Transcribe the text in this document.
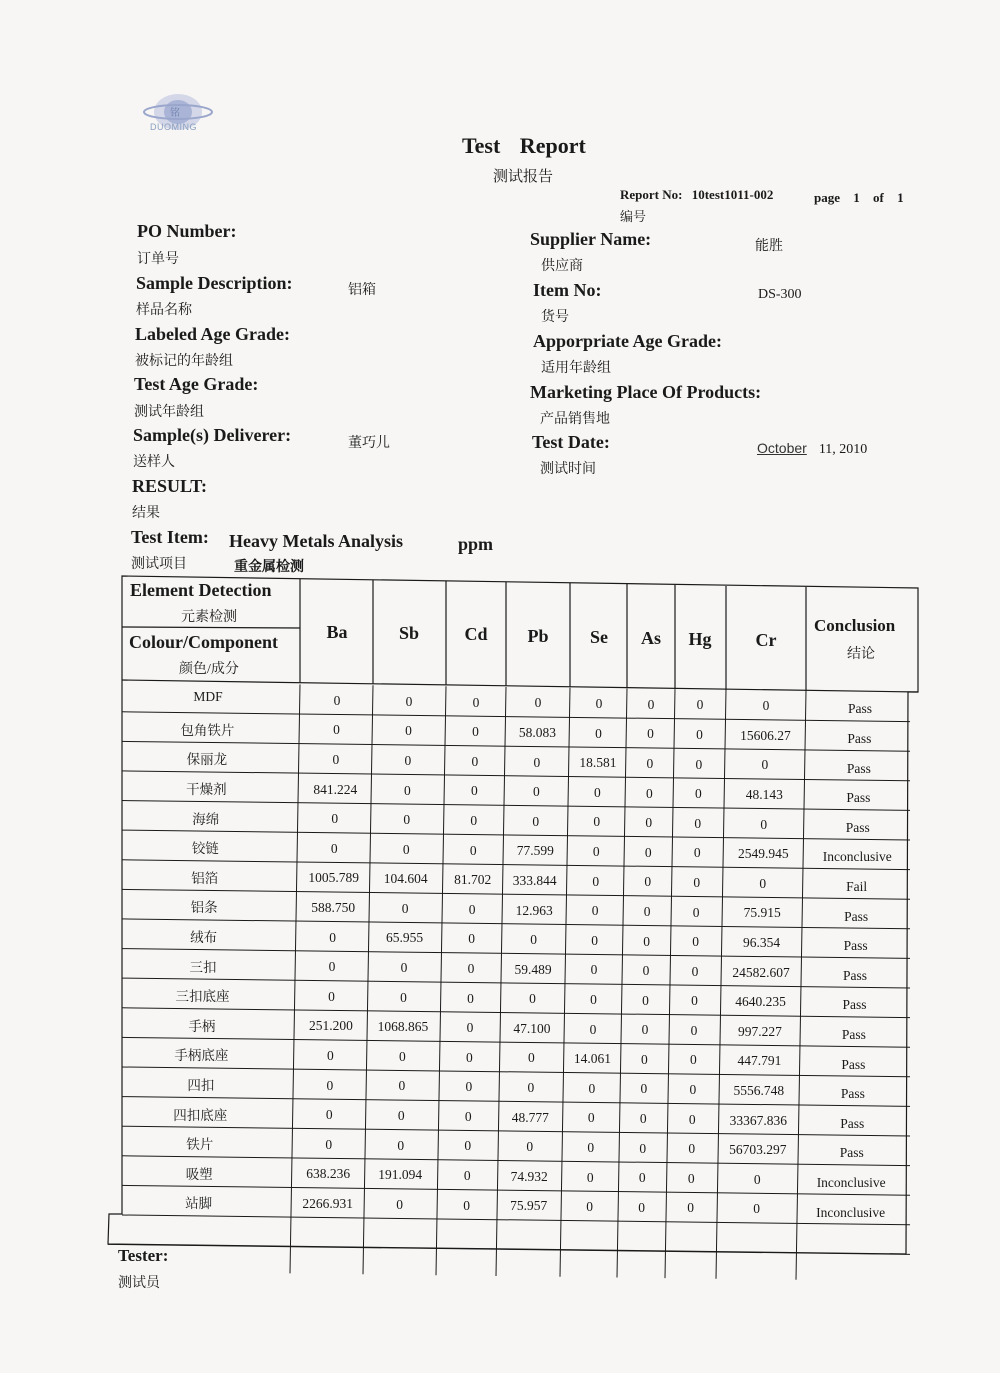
铭
DUOMING
Test Report
测试报告
Report No: 10test1011-002
编号
page 1 of 1
PO Number:
订单号
Sample Description:
样品名称
铝箱
Labeled Age Grade:
被标记的年龄组
Test Age Grade:
测试年龄组
Sample(s) Deliverer:
送样人
董巧儿
RESULT:
结果
Supplier Name:
供应商
能胜
Item No:
货号
DS-300
Apporpriate Age Grade:
适用年龄组
Marketing Place Of Products:
产品销售地
Test Date:
测试时间
October 11, 2010
Test Item:
测试项目
Heavy Metals Analysis
重金属检测
ppm
Element Detection
元素检测
Colour/Component
颜色/成分
Ba	Sb	Cd	Pb	Se	As	Hg	Cr
Conclusion
结论
MDF	0	0	0	0	0	0	0	0	Pass
包角铁片	0	0	0	58.083	0	0	0	15606.27	Pass
保丽龙	0	0	0	0	18.581	0	0	0	Pass
干燥剂	841.224	0	0	0	0	0	0	48.143	Pass
海绵	0	0	0	0	0	0	0	0	Pass
铰链	0	0	0	77.599	0	0	0	2549.945	Inconclusive
铝箔	1005.789	104.604	81.702	333.844	0	0	0	0	Fail
铝条	588.750	0	0	12.963	0	0	0	75.915	Pass
绒布	0	65.955	0	0	0	0	0	96.354	Pass
三扣	0	0	0	59.489	0	0	0	24582.607	Pass
三扣底座	0	0	0	0	0	0	0	4640.235	Pass
手柄	251.200	1068.865	0	47.100	0	0	0	997.227	Pass
手柄底座	0	0	0	0	14.061	0	0	447.791	Pass
四扣	0	0	0	0	0	0	0	5556.748	Pass
四扣底座	0	0	0	48.777	0	0	0	33367.836	Pass
铁片	0	0	0	0	0	0	0	56703.297	Pass
吸塑	638.236	191.094	0	74.932	0	0	0	0	Inconclusive
站脚	2266.931	0	0	75.957	0	0	0	0	Inconclusive
Tester:
测试员
